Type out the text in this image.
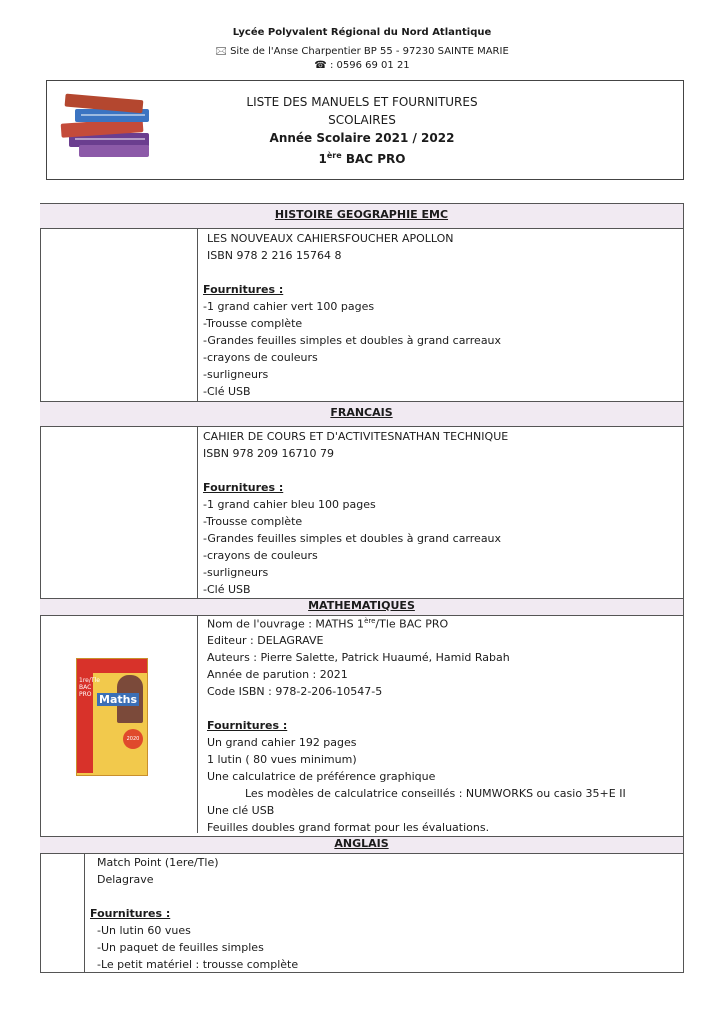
Lycée Polyvalent Régional du Nord Atlantique
🖂 Site de l'Anse Charpentier BP 55 - 97230 SAINTE MARIE
☎ : 0596 69 01 21
LISTE DES MANUELS ET FOURNITURES
SCOLAIRES
Année Scolaire 2021 / 2022
1ère BAC PRO
HISTOIRE GEOGRAPHIE EMC
LES NOUVEAUX CAHIERSFOUCHER APOLLON
ISBN 978 2 216 15764 8
Fournitures :
-1 grand cahier vert 100 pages
-Trousse complète
-Grandes feuilles simples et doubles à grand carreaux
-crayons de couleurs
-surligneurs
-Clé USB
FRANCAIS
CAHIER DE COURS ET D'ACTIVITESNATHAN TECHNIQUE
ISBN 978 209 16710 79
Fournitures :
-1 grand cahier bleu 100 pages
-Trousse complète
-Grandes feuilles simples et doubles à grand carreaux
-crayons de couleurs
-surligneurs
-Clé USB
MATHEMATIQUES
Nom de l'ouvrage : MATHS 1ère/Tle BAC PRO
Editeur : DELAGRAVE
Auteurs : Pierre Salette, Patrick Huaumé, Hamid Rabah
Année de parution : 2021
Code ISBN : 978-2-206-10547-5
Fournitures :
Un grand cahier 192 pages
1 lutin ( 80 vues minimum)
Une calculatrice de préférence graphique
Les modèles de calculatrice conseillés : NUMWORKS ou casio 35+E II
Une clé USB
Feuilles doubles grand format pour les évaluations.
1re/Tle BAC PRO Maths
2020
ANGLAIS
Match Point (1ere/Tle)
Delagrave
Fournitures :
-Un lutin 60 vues
-Un paquet de feuilles simples
-Le petit matériel : trousse complète
